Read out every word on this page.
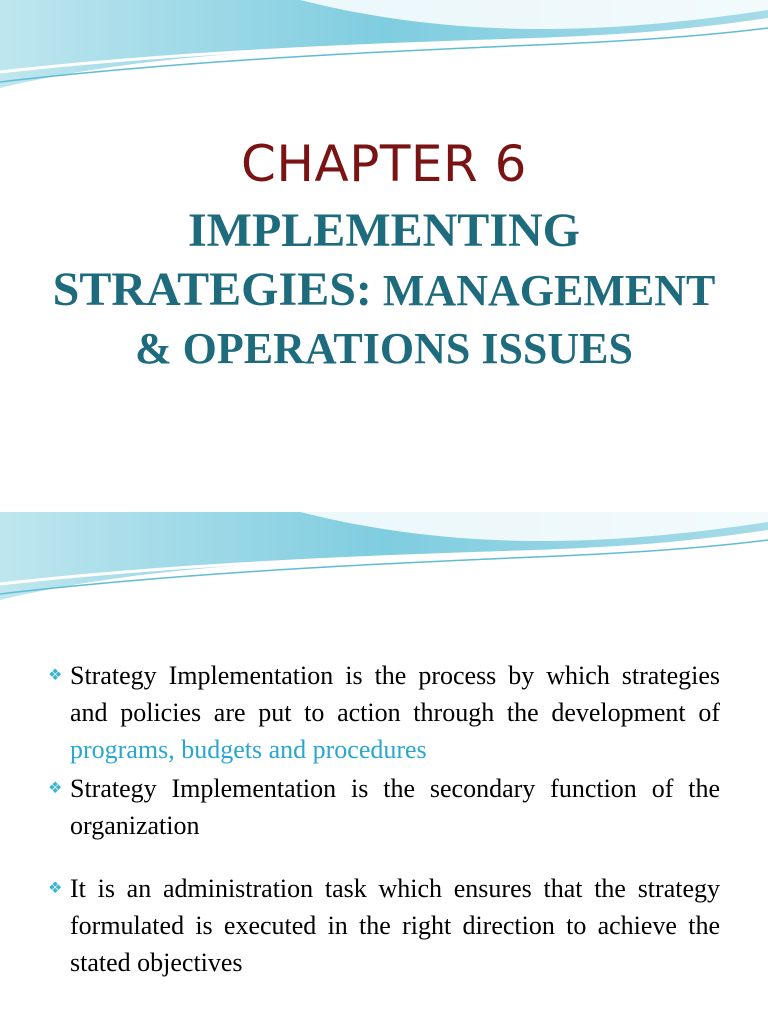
CHAPTER 6
IMPLEMENTING
STRATEGIES: MANAGEMENT
& OPERATIONS ISSUES
❖ Strategy Implementation is the process by which strategies and policies are put to action through the development of programs, budgets and procedures
❖ Strategy Implementation is the secondary function of the organization
❖ It is an administration task which ensures that the strategy formulated is executed in the right direction to achieve the stated objectives
